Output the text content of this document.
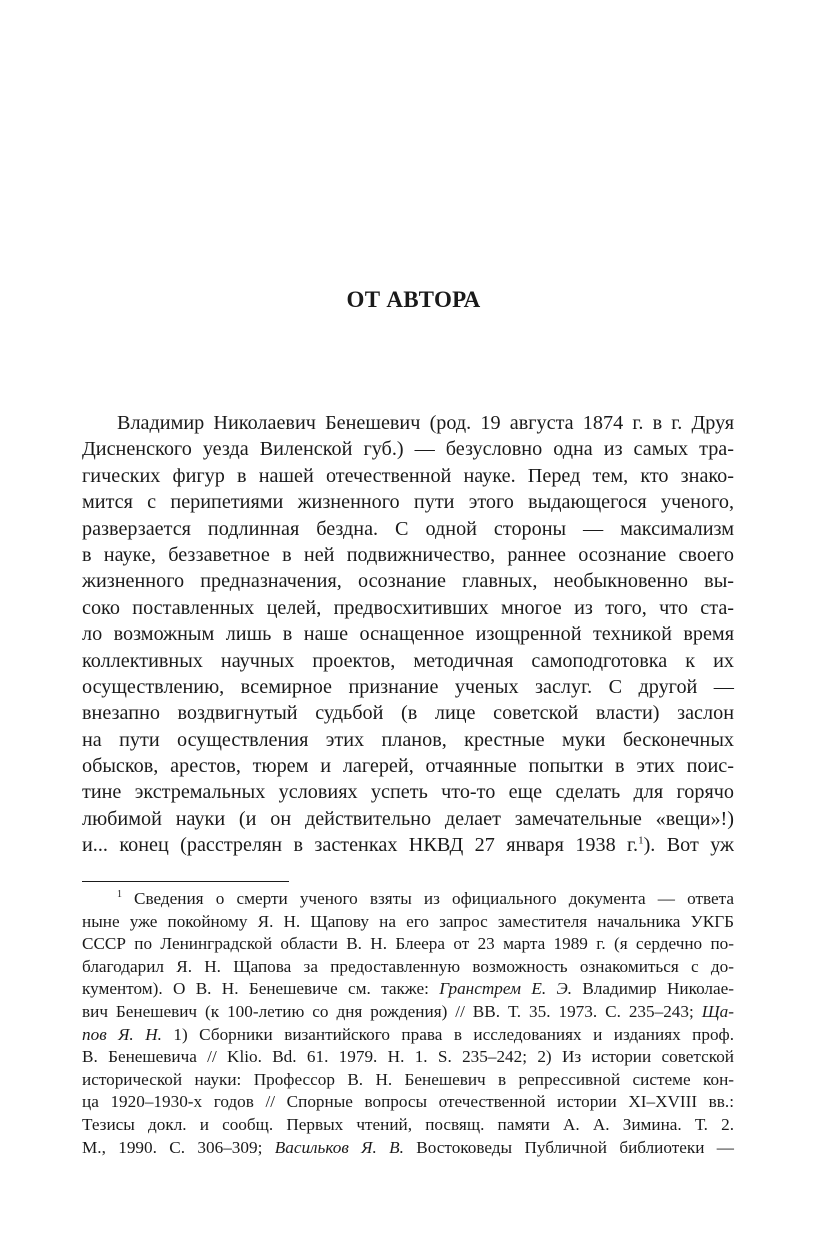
ОТ АВТОРА
Владимир Николаевич Бенешевич (род. 19 августа 1874 г. в г. Друя
Дисненского уезда Виленской губ.) — безусловно одна из самых тра-
гических фигур в нашей отечественной науке. Перед тем, кто знако-
мится с перипетиями жизненного пути этого выдающегося ученого,
разверзается подлинная бездна. С одной стороны — максимализм
в науке, беззаветное в ней подвижничество, раннее осознание своего
жизненного предназначения, осознание главных, необыкновенно вы-
соко поставленных целей, предвосхитивших многое из того, что ста-
ло возможным лишь в наше оснащенное изощренной техникой время
коллективных научных проектов, методичная самоподготовка к их
осуществлению, всемирное признание ученых заслуг. С другой —
внезапно воздвигнутый судьбой (в лице советской власти) заслон
на пути осуществления этих планов, крестные муки бесконечных
обысков, арестов, тюрем и лагерей, отчаянные попытки в этих поис-
тине экстремальных условиях успеть что-то еще сделать для горячо
любимой науки (и он действительно делает замечательные «вещи»!)
и... конец (расстрелян в застенках НКВД 27 января 1938 г.$^1$). Вот уж
$^1$ Сведения о смерти ученого взяты из официального документа — ответа
ныне уже покойному Я. Н. Щапову на его запрос заместителя начальника УКГБ
СССР по Ленинградской области В. Н. Блеера от 23 марта 1989 г. (я сердечно по-
благодарил Я. Н. Щапова за предоставленную возможность ознакомиться с до-
кументом). О В. Н. Бенешевиче см. также: Гранстрем Е. Э. Владимир Николае-
вич Бенешевич (к 100-летию со дня рождения) // ВВ. Т. 35. 1973. С. 235–243; Ща-
пов Я. Н. 1) Сборники византийского права в исследованиях и изданиях проф.
В. Бенешевича // Klio. Bd. 61. 1979. H. 1. S. 235–242; 2) Из истории советской
исторической науки: Профессор В. Н. Бенешевич в репрессивной системе кон-
ца 1920–1930-х годов // Спорные вопросы отечественной истории XI–XVIII вв.:
Тезисы докл. и сообщ. Первых чтений, посвящ. памяти А. А. Зимина. Т. 2.
М., 1990. С. 306–309; Васильков Я. В. Востоковеды Публичной библиотеки —
